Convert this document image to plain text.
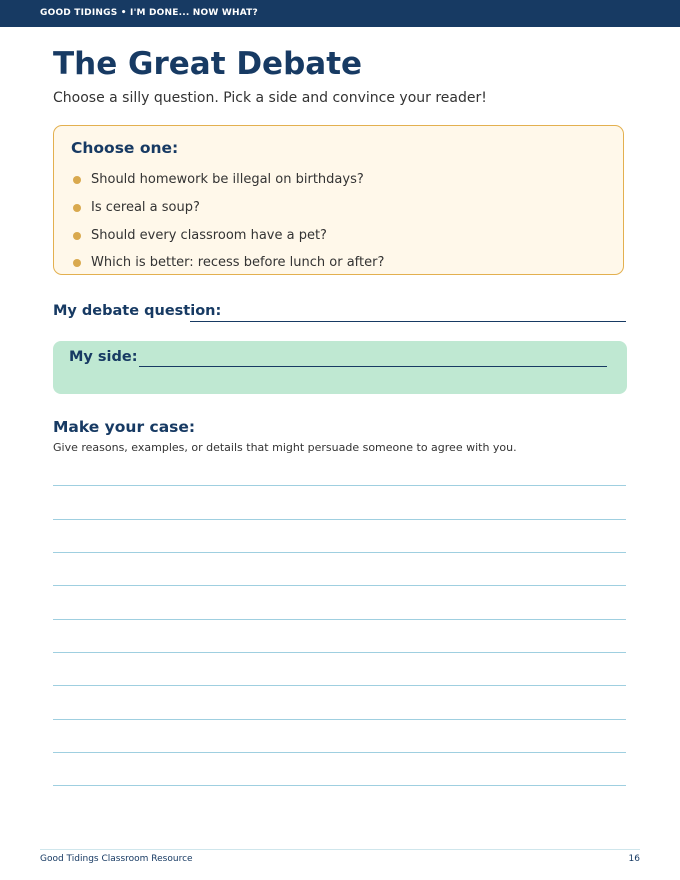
GOOD TIDINGS • I'M DONE... NOW WHAT?
The Great Debate
Choose a silly question. Pick a side and convince your reader!
Choose one:
Should homework be illegal on birthdays?
Is cereal a soup?
Should every classroom have a pet?
Which is better: recess before lunch or after?
My debate question:
My side:
Make your case:
Give reasons, examples, or details that might persuade someone to agree with you.
Good Tidings Classroom Resource	16
